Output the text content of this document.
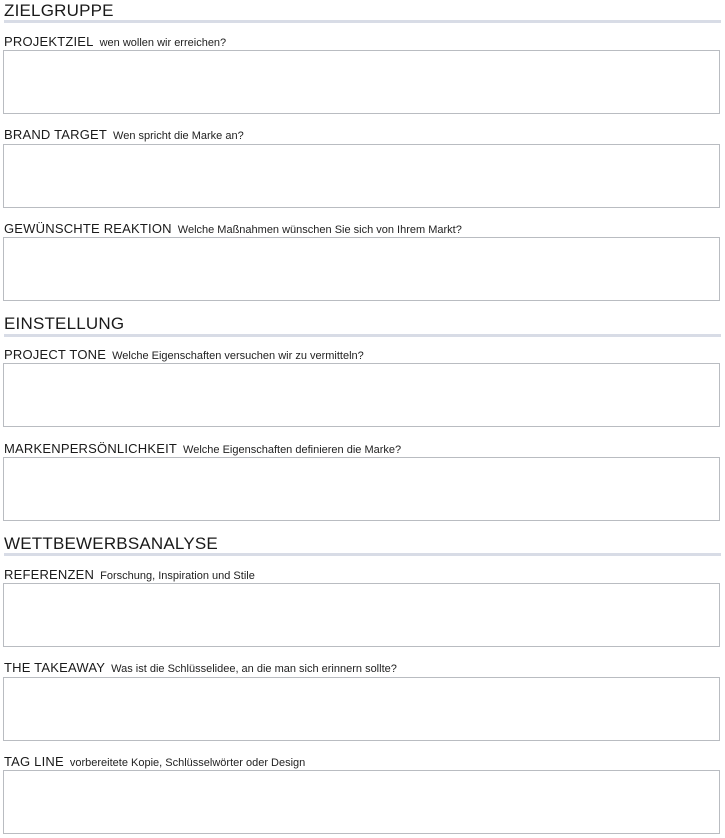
ZIELGRUPPE
PROJEKTZIEL wen wollen wir erreichen?
BRAND TARGET Wen spricht die Marke an?
GEWÜNSCHTE REAKTION Welche Maßnahmen wünschen Sie sich von Ihrem Markt?
EINSTELLUNG
PROJECT TONE Welche Eigenschaften versuchen wir zu vermitteln?
MARKENPERSÖNLICHKEIT Welche Eigenschaften definieren die Marke?
WETTBEWERBSANALYSE
REFERENZEN Forschung, Inspiration und Stile
THE TAKEAWAY Was ist die Schlüsselidee, an die man sich erinnern sollte?
TAG LINE vorbereitete Kopie, Schlüsselwörter oder Design
